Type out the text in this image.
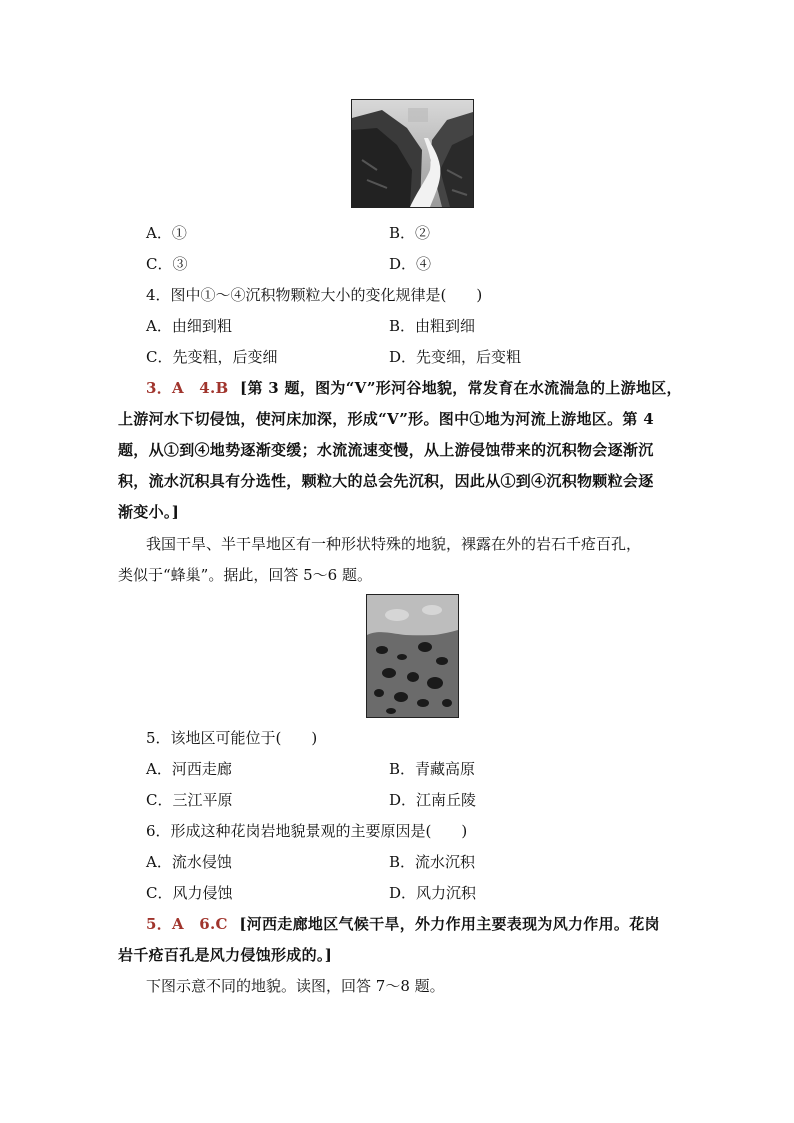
A．①	B．②
C．③	D．④
4．图中①～④沉积物颗粒大小的变化规律是(　　)
A．由细到粗	B．由粗到细
C．先变粗，后变细	D．先变细，后变粗
3．A　4.B [第 3 题，图为“V”形河谷地貌，常发育在水流湍急的上游地区，
上游河水下切侵蚀，使河床加深，形成“V”形。图中①地为河流上游地区。第 4
题，从①到④地势逐渐变缓；水流流速变慢，从上游侵蚀带来的沉积物会逐渐沉
积，流水沉积具有分选性，颗粒大的总会先沉积，因此从①到④沉积物颗粒会逐
渐变小。]
我国干旱、半干旱地区有一种形状特殊的地貌，裸露在外的岩石千疮百孔，
类似于“蜂巢”。据此，回答 5～6 题。
5．该地区可能位于(　　)
A．河西走廊	B．青藏高原
C．三江平原	D．江南丘陵
6．形成这种花岗岩地貌景观的主要原因是(　　)
A．流水侵蚀	B．流水沉积
C．风力侵蚀	D．风力沉积
5．A　6.C [河西走廊地区气候干旱，外力作用主要表现为风力作用。花岗
岩千疮百孔是风力侵蚀形成的。]
下图示意不同的地貌。读图，回答 7～8 题。
